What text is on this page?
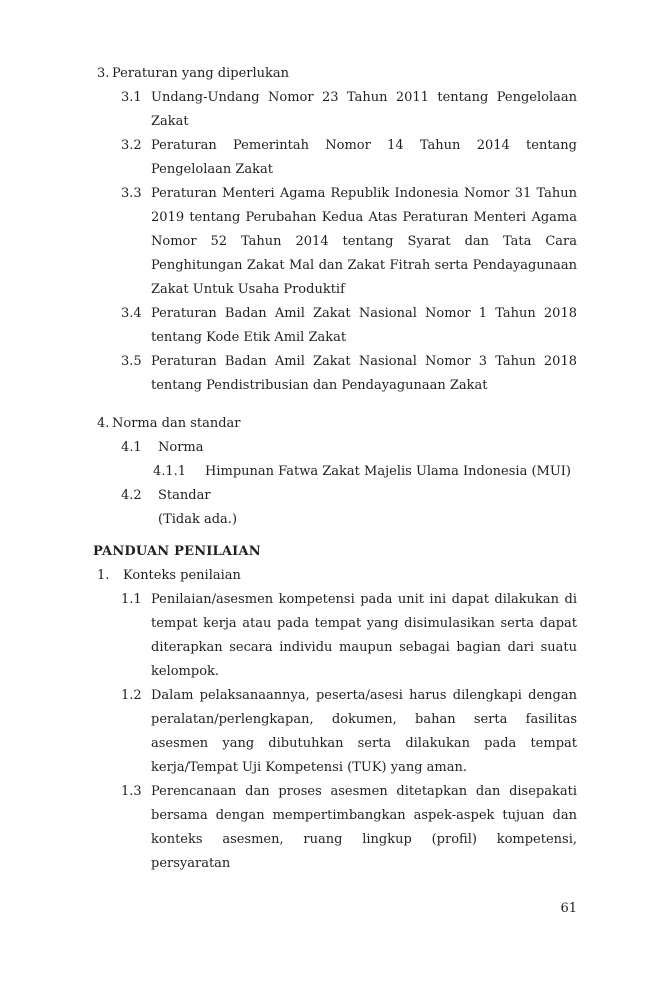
3. Peraturan yang diperlukan
3.1 Undang-Undang Nomor 23 Tahun 2011 tentang Pengelolaan Zakat
3.2 Peraturan Pemerintah Nomor 14 Tahun 2014 tentang Pengelolaan Zakat
3.3 Peraturan Menteri Agama Republik Indonesia Nomor 31 Tahun 2019 tentang Perubahan Kedua Atas Peraturan Menteri Agama Nomor 52 Tahun 2014 tentang Syarat dan Tata Cara Penghitungan Zakat Mal dan Zakat Fitrah serta Pendayagunaan Zakat Untuk Usaha Produktif
3.4 Peraturan Badan Amil Zakat Nasional Nomor 1 Tahun 2018 tentang Kode Etik Amil Zakat
3.5 Peraturan Badan Amil Zakat Nasional Nomor 3 Tahun 2018 tentang Pendistribusian dan Pendayagunaan Zakat
4. Norma dan standar
4.1	Norma
4.1.1	Himpunan Fatwa Zakat Majelis Ulama Indonesia (MUI)
4.2	Standar
(Tidak ada.)
PANDUAN PENILAIAN
1.	Konteks penilaian
1.1 Penilaian/asesmen kompetensi pada unit ini dapat dilakukan di tempat kerja atau pada tempat yang disimulasikan serta dapat diterapkan secara individu maupun sebagai bagian dari suatu kelompok.
1.2 Dalam pelaksanaannya, peserta/asesi harus dilengkapi dengan peralatan/perlengkapan, dokumen, bahan serta fasilitas asesmen yang dibutuhkan serta dilakukan pada tempat kerja/Tempat Uji Kompetensi (TUK) yang aman.
1.3 Perencanaan dan proses asesmen ditetapkan dan disepakati bersama dengan mempertimbangkan aspek-aspek tujuan dan konteks asesmen, ruang lingkup (profil) kompetensi, persyaratan
61
